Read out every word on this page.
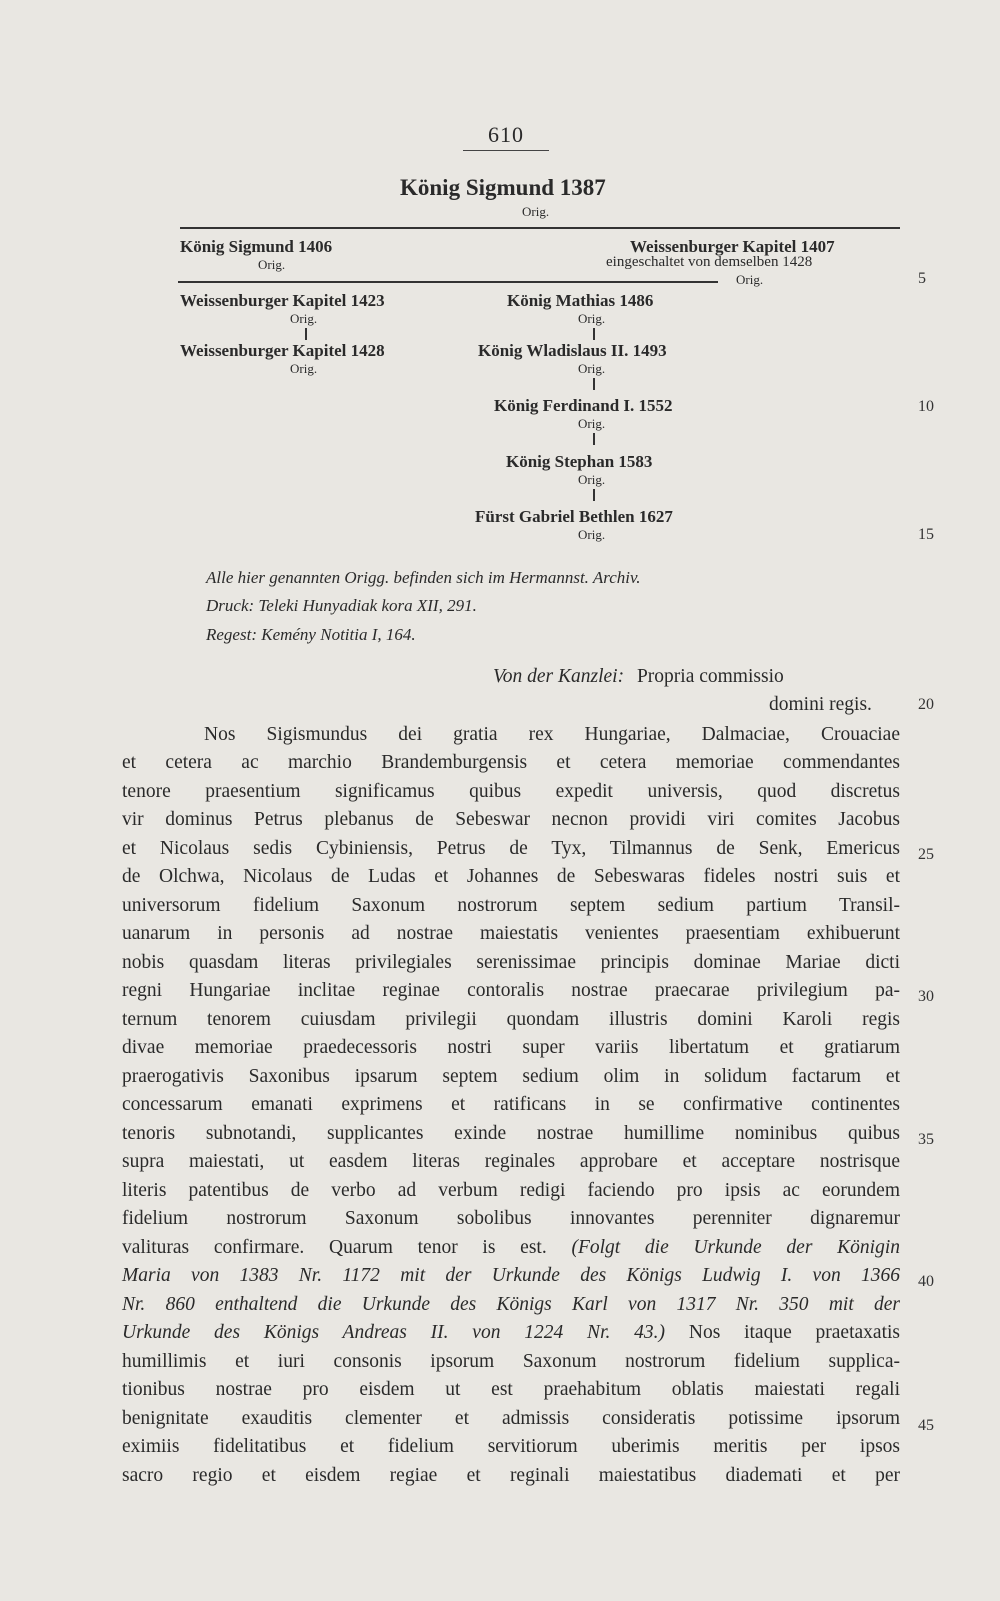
610
König Sigmund 1387
Orig.
König Sigmund 1406
Orig.
Weissenburger Kapitel 1407
eingeschaltet von demselben 1428
Orig.
Weissenburger Kapitel 1423
Orig.
Weissenburger Kapitel 1428
Orig.
König Mathias 1486
Orig.
König Wladislaus II. 1493
Orig.
König Ferdinand I. 1552
Orig.
König Stephan 1583
Orig.
Fürst Gabriel Bethlen 1627
Orig.
Alle hier genannten Origg. befinden sich im Hermannst. Archiv.
Druck: Teleki Hunyadiak kora XII, 291.
Regest: Kemény Notitia I, 164.
Von der Kanzlei: Propria commissio
domini regis.
5
10
15
20
25
30
35
40
45
Nos Sigismundus dei gratia rex Hungariae, Dalmaciae, Crouaciae
et cetera ac marchio Brandemburgensis et cetera memoriae commendantes
tenore praesentium significamus quibus expedit universis, quod discretus
vir dominus Petrus plebanus de Sebeswar necnon providi viri comites Jacobus
et Nicolaus sedis Cybiniensis, Petrus de Tyx, Tilmannus de Senk, Emericus
de Olchwa, Nicolaus de Ludas et Johannes de Sebeswaras fideles nostri suis et
universorum fidelium Saxonum nostrorum septem sedium partium Transil-
uanarum in personis ad nostrae maiestatis venientes praesentiam exhibuerunt
nobis quasdam literas privilegiales serenissimae principis dominae Mariae dicti
regni Hungariae inclitae reginae contoralis nostrae praecarae privilegium pa-
ternum tenorem cuiusdam privilegii quondam illustris domini Karoli regis
divae memoriae praedecessoris nostri super variis libertatum et gratiarum
praerogativis Saxonibus ipsarum septem sedium olim in solidum factarum et
concessarum emanati exprimens et ratificans in se confirmative continentes
tenoris subnotandi, supplicantes exinde nostrae humillime nominibus quibus
supra maiestati, ut easdem literas reginales approbare et acceptare nostrisque
literis patentibus de verbo ad verbum redigi faciendo pro ipsis ac eorundem
fidelium nostrorum Saxonum sobolibus innovantes perenniter dignaremur
valituras confirmare. Quarum tenor is est. (Folgt die Urkunde der Königin
Maria von 1383 Nr. 1172 mit der Urkunde des Königs Ludwig I. von 1366
Nr. 860 enthaltend die Urkunde des Königs Karl von 1317 Nr. 350 mit der
Urkunde des Königs Andreas II. von 1224 Nr. 43.) Nos itaque praetaxatis
humillimis et iuri consonis ipsorum Saxonum nostrorum fidelium supplica-
tionibus nostrae pro eisdem ut est praehabitum oblatis maiestati regali
benignitate exauditis clementer et admissis consideratis potissime ipsorum
eximiis fidelitatibus et fidelium servitiorum uberimis meritis per ipsos
sacro regio et eisdem regiae et reginali maiestatibus diademati et per
